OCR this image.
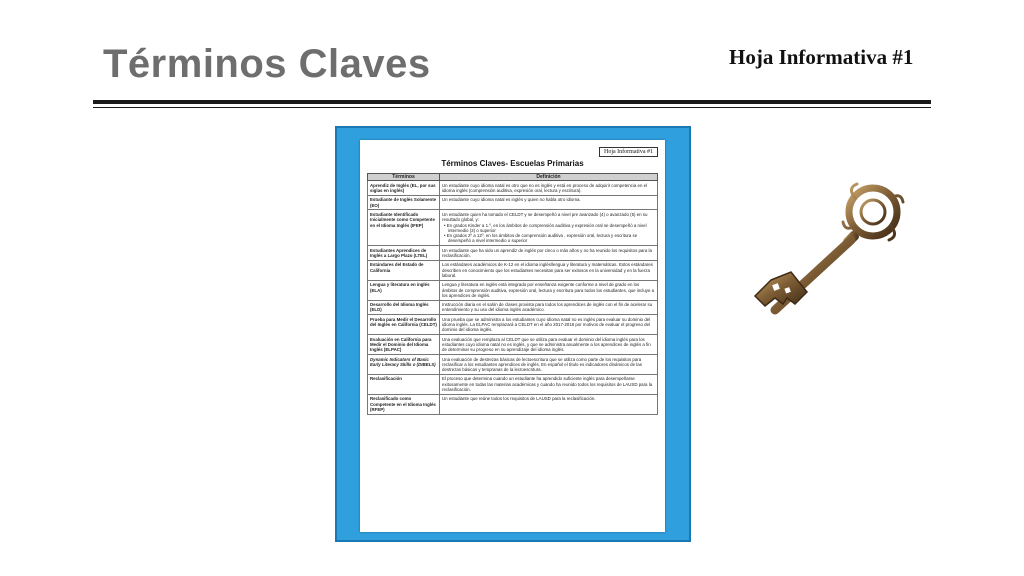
Términos Claves	Hoja Informativa #1
Hoja Informativa #1
Términos Claves- Escuelas Primarias
Términos	Definición
Aprendiz de Inglés (EL, por sus siglas en inglés)	Un estudiante cuyo idioma natal es otro que no es inglés y está en proceso de adquirir competencia en el idioma inglés (comprensión auditiva, expresión oral, lectura y escritura).
Estudiante de Inglés Solamente (EO)	Un estudiante cuyo idioma natal es inglés y quien no habla otro idioma.
Estudiante Identificado Inicialmente como Competente en el Idioma Inglés (IFEP)	Un estudiante quien ha tomado el CELDT y se desempeñó a nivel pre avanzado (4) o avanzado (5) en su resultado global, y:
• En grados Kinder a 1.º, en los ámbitos de comprensión auditiva y expresión oral se desempeñó a nivel intermedio (3) o superior
• En grados 2º a 12º, en los ámbitos de comprensión auditiva , expresión oral, lectura y escritura se desempeñó a nivel intermedio o superior

Estudiantes Aprendices de Inglés a Largo Plazo (LTEL)	Un estudiante que ha sido un aprendiz de inglés por cinco o más años y no ha reunido los requisitos para la reclasificación.
Estándares del Estado de California	Los estándares académicos de K-12 en el idioma inglés/lengua y literatura y matemáticas. Estos estándares describen en conocimiento que los estudiantes necesitan para ser exitosos en la universidad y en la fuerza laboral.
Lengua y literatura en inglés (ELA)	Lengua y literatura en inglés está integrado por enseñanza exigente conforme a nivel de grado en los ámbitos de comprensión auditiva, expresión oral, lectura y escritura para todos los estudiantes, que incluye a los aprendices de inglés.
Desarrollo del Idioma Inglés (ELD)	Instrucción diaria en el salón de clases provista para todos los aprendices de inglés con el fin de acelerar su entendimiento y su uso del idioma inglés académico.
Prueba para Medir el Desarrollo del Inglés en California (CELDT)	Una prueba que se administra a los estudiantes cuyo idioma natal no es inglés para evaluar su dominio del idioma inglés. La ELPAC remplazará a CELDT en el año 2017-2018 por motivos de evaluar el progreso del dominio del idioma inglés.
Evaluación en California para Medir el Dominio del Idioma Inglés (ELPAC)	Una evaluación que remplaza al CELDT que se utiliza para evaluar el dominio del idioma inglés para los estudiantes cuyo idioma natal no es inglés, y que se administra anualmente a los aprendices de inglés a fin de determinar su progreso en su aprendizaje del idioma inglés.
Dynamic Indicators of Basic Early Literacy Skills o (DIBELS)	Una evaluación de destrezas básicas de lectoescritura que se utiliza como parte de los requisitos para reclasificar a los estudiantes aprendices de inglés. En español el título es indicadores dinámicos de las destrezas básicas y tempranas de la lectoescritura.
Reclasificación	El proceso que determina cuando un estudiante ha aprendido suficiente inglés para desempeñarse exitosamente en todas las materias académicas y cuando ha reunido todos los requisitos de LAUSD para la reclasificación.
Reclasificado como Competente en el Idioma Inglés (RFEP)	Un estudiante que reúne todos los requisitos de LAUSD para la reclasificación.
